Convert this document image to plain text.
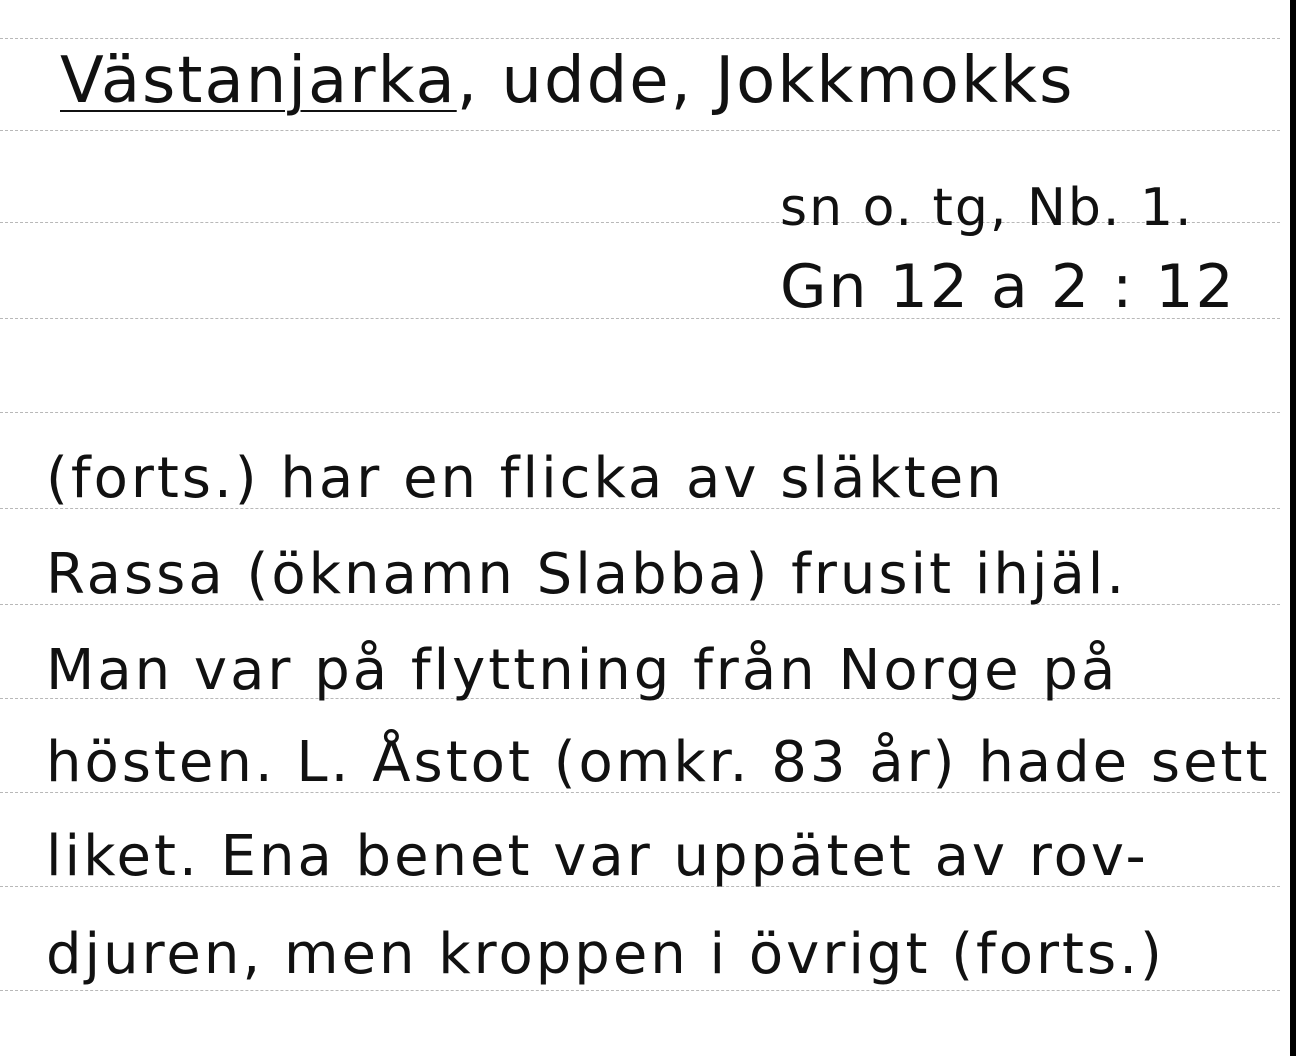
Västanjarka, udde, Jokkmokks
sn o. tg, Nb. 1.
Gn 12 a 2 : 12
(forts.) har en flicka av släkten
Rassa (öknamn Slabba) frusit ihjäl.
Man var på flyttning från Norge på
hösten. L. Åstot (omkr. 83 år) hade sett
liket. Ena benet var uppätet av rov-
djuren, men kroppen i övrigt (forts.)
